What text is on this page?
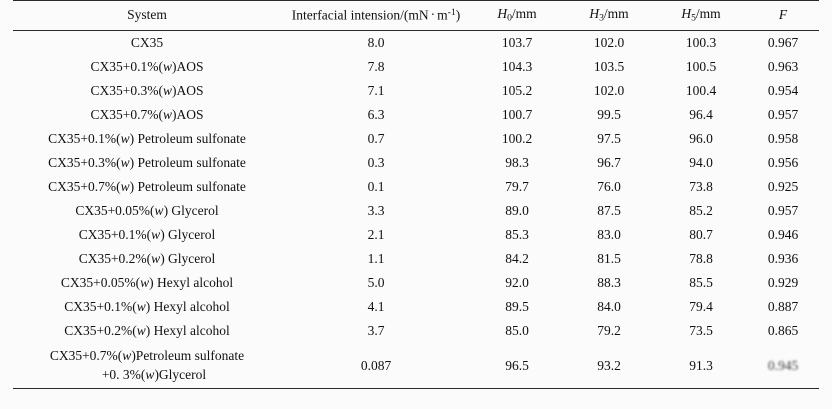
System	Interfacial intension/(mN · $m^{-1}$)	$H_0/mm$	$H_3/mm$	$H_5/mm$	F
CX35	8.0	103.7	102.0	100.3	0.967
CX35+0.1%(w)AOS	7.8	104.3	103.5	100.5	0.963
CX35+0.3%(w)AOS	7.1	105.2	102.0	100.4	0.954
CX35+0.7%(w)AOS	6.3	100.7	99.5	96.4	0.957
CX35+0.1%(w) Petroleum sulfonate	0.7	100.2	97.5	96.0	0.958
CX35+0.3%(w) Petroleum sulfonate	0.3	98.3	96.7	94.0	0.956
CX35+0.7%(w) Petroleum sulfonate	0.1	79.7	76.0	73.8	0.925
CX35+0.05%(w) Glycerol	3.3	89.0	87.5	85.2	0.957
CX35+0.1%(w) Glycerol	2.1	85.3	83.0	80.7	0.946
CX35+0.2%(w) Glycerol	1.1	84.2	81.5	78.8	0.936
CX35+0.05%(w) Hexyl alcohol	5.0	92.0	88.3	85.5	0.929
CX35+0.1%(w) Hexyl alcohol	4.1	89.5	84.0	79.4	0.887
CX35+0.2%(w) Hexyl alcohol	3.7	85.0	79.2	73.5	0.865

CX35+0.7%(w)Petroleum sulfonate
+0. 3%(w)Glycerol	0.087	96.5	93.2	91.3	0.945
